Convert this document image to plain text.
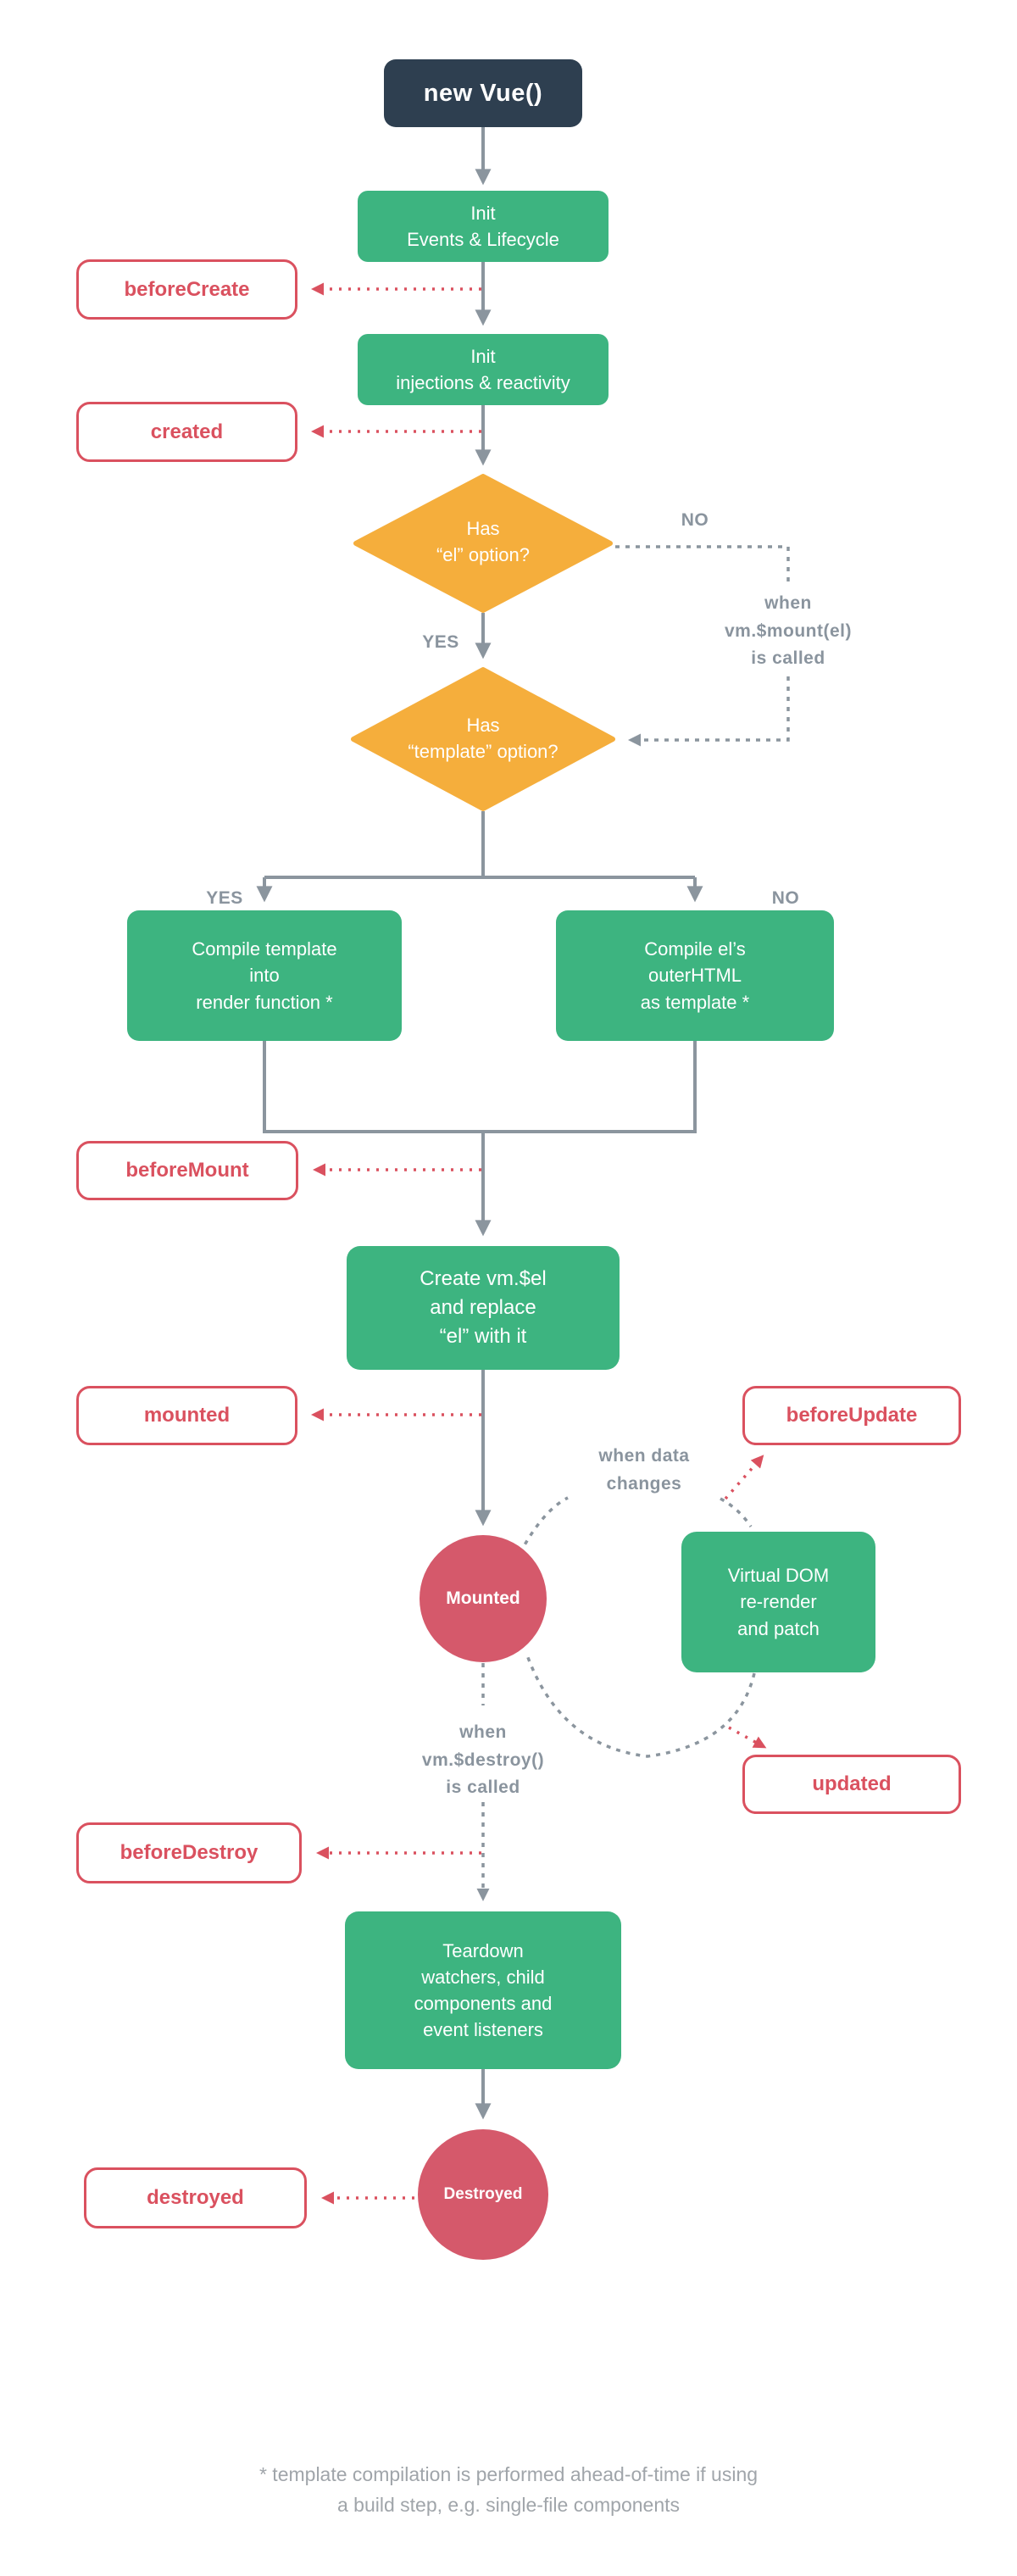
new Vue()
Init
Events & Lifecycle
beforeCreate
Init
injections & reactivity
created
Has
“el” option?
NO
when
vm.$mount(el)
is called
YES
Has
“template” option?
YES	NO
Compile template
into
render function *
Compile el’s
outerHTML
as template *
beforeMount
Create vm.$el
and replace
“el” with it
mounted	beforeUpdate
when data
changes
Mounted
Virtual DOM
re-render
and patch
updated
when
vm.$destroy()
is called
beforeDestroy
Teardown
watchers, child
components and
event listeners
Destroyed
destroyed
* template compilation is performed ahead-of-time if using
a build step, e.g. single-file components
